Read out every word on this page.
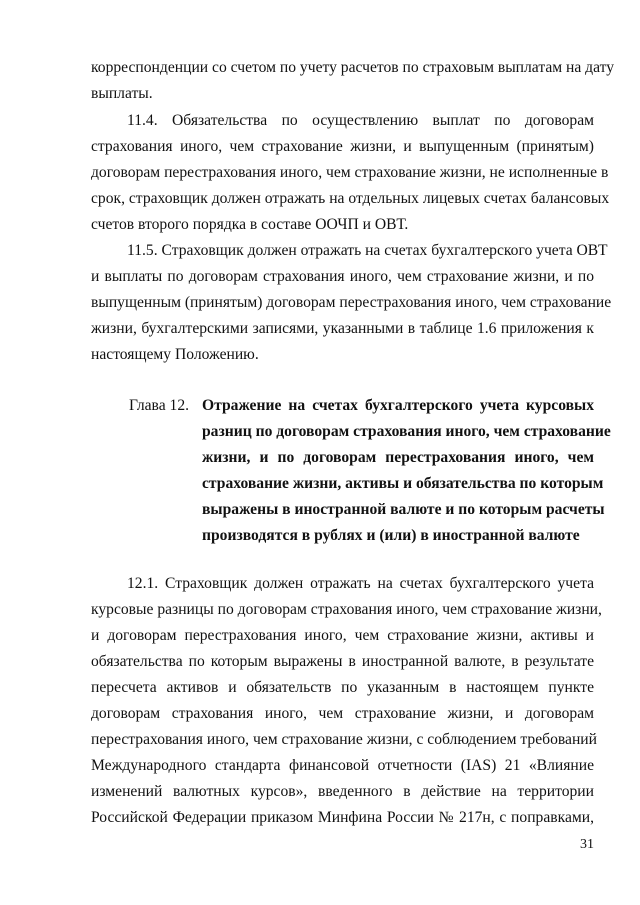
корреспонденции со счетом по учету расчетов по страховым выплатам на дату
выплаты.
11.4. Обязательства по осуществлению выплат по договорам
страхования иного, чем страхование жизни, и выпущенным (принятым)
договорам перестрахования иного, чем страхование жизни, не исполненные в
срок, страховщик должен отражать на отдельных лицевых счетах балансовых
счетов второго порядка в составе ООЧП и ОВТ.
11.5. Страховщик должен отражать на счетах бухгалтерского учета ОВТ
и выплаты по договорам страхования иного, чем страхование жизни, и по
выпущенным (принятым) договорам перестрахования иного, чем страхование
жизни, бухгалтерскими записями, указанными в таблице 1.6 приложения к
настоящему Положению.
Глава 12. Отражение на счетах бухгалтерского учета курсовых
разниц по договорам страхования иного, чем страхование
жизни, и по договорам перестрахования иного, чем
страхование жизни, активы и обязательства по которым
выражены в иностранной валюте и по которым расчеты
производятся в рублях и (или) в иностранной валюте
12.1. Страховщик должен отражать на счетах бухгалтерского учета
курсовые разницы по договорам страхования иного, чем страхование жизни,
и договорам перестрахования иного, чем страхование жизни, активы и
обязательства по которым выражены в иностранной валюте, в результате
пересчета активов и обязательств по указанным в настоящем пункте
договорам страхования иного, чем страхование жизни, и договорам
перестрахования иного, чем страхование жизни, с соблюдением требований
Международного стандарта финансовой отчетности (IAS) 21 «Влияние
изменений валютных курсов», введенного в действие на территории
Российской Федерации приказом Минфина России № 217н, с поправками,
31
